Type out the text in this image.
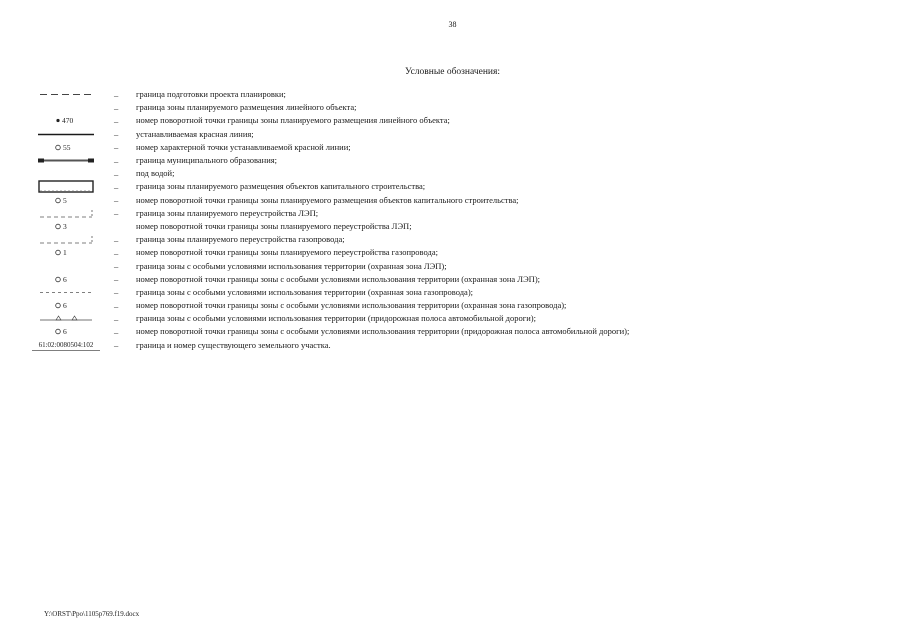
38
Условные обозначения:
–	граница подготовки проекта планировки;
–	граница зоны планируемого размещения линейного объекта;
470	–	номер поворотной точки границы зоны планируемого размещения линейного объекта;
–	устанавливаемая красная линия;
55	–	номер характерной точки устанавливаемой красной линии;
–	граница муниципального образования;
–	под водой;
–	граница зоны планируемого размещения объектов капитального строительства;
5	–	номер поворотной точки границы зоны планируемого размещения объектов капитального строительства;
–	граница зоны планируемого переустройства ЛЭП;
3	номер поворотной точки границы зоны планируемого переустройства ЛЭП;
–	граница зоны планируемого переустройства газопровода;
1	–	номер поворотной точки границы зоны планируемого переустройства газопровода;
–	граница зоны с особыми условиями использования территории (охранная зона ЛЭП);
6	–	номер поворотной точки границы зоны с особыми условиями использования территории (охранная зона ЛЭП);
–	граница зоны с особыми условиями использования территории (охранная зона газопровода);
6	–	номер поворотной точки границы зоны с особыми условиями использования территории (охранная зона газопровода);
–	граница зоны с особыми условиями использования территории (придорожная полоса автомобильной дороги);
6	–	номер поворотной точки границы зоны с особыми условиями использования территории (придорожная полоса автомобильной дороги);
61:02:0080504:102	–	граница и номер существующего земельного участка.
Y:\ORST\Ppo\1105p769.f19.docx
